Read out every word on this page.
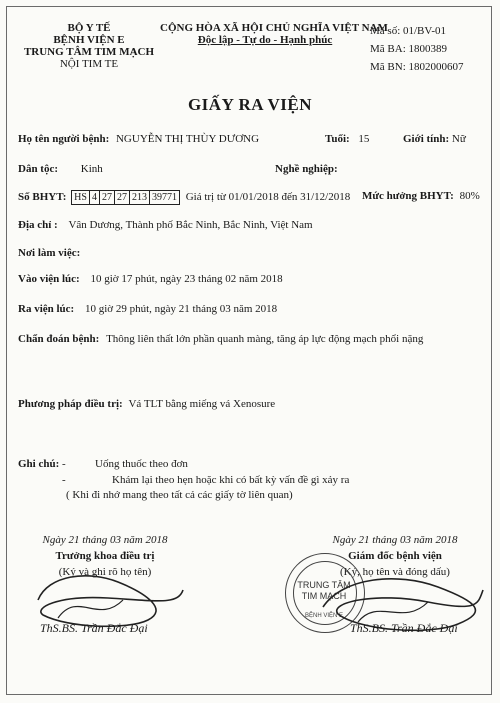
BỘ Y TẾ
BỆNH VIỆN E
TRUNG TÂM TIM MẠCH
NỘI TIM TE
CỘNG HÒA XÃ HỘI CHỦ NGHĨA VIỆT NAM
Độc lập - Tự do - Hạnh phúc
Mã số: 01/BV-01
Mã BA: 1800389
Mã BN: 1802000607
GIẤY RA VIỆN
Họ tên người bệnh: NGUYỄN THỊ THÙY DƯƠNG	Tuổi: 15	Giới tính: Nữ
Dân tộc: Kinh	Nghề nghiệp:
Số BHYT: HS 4 27 27 213 39771 Giá trị từ 01/01/2018 đến 31/12/2018 Mức hưởng BHYT: 80%
Địa chỉ : Vân Dương, Thành phố Bắc Ninh, Bắc Ninh, Việt Nam
Nơi làm việc:
Vào viện lúc: 10 giờ 17 phút, ngày 23 tháng 02 năm 2018
Ra viện lúc: 10 giờ 29 phút, ngày 21 tháng 03 năm 2018
Chẩn đoán bệnh: Thông liên thất lớn phần quanh màng, tăng áp lực động mạch phổi nặng
Phương pháp điều trị: Vá TLT bằng miếng vá Xenosure
Ghi chú: -	Uống thuốc theo đơn
-	Khám lại theo hẹn hoặc khi có bất kỳ vấn đề gì xảy ra
( Khi đi nhớ mang theo tất cả các giấy tờ liên quan)
Ngày 21 tháng 03 năm 2018
Trưởng khoa điều trị
(Ký và ghi rõ họ tên)
ThS.BS. Trần Đắc Đại
Ngày 21 tháng 03 năm 2018
Giám đốc bệnh viện
(Ký, họ tên và đóng dấu)
TRUNG TÂM
TIM MẠCH
BỆNH VIỆN E
ThS.BS. Trần Đắc Đại
